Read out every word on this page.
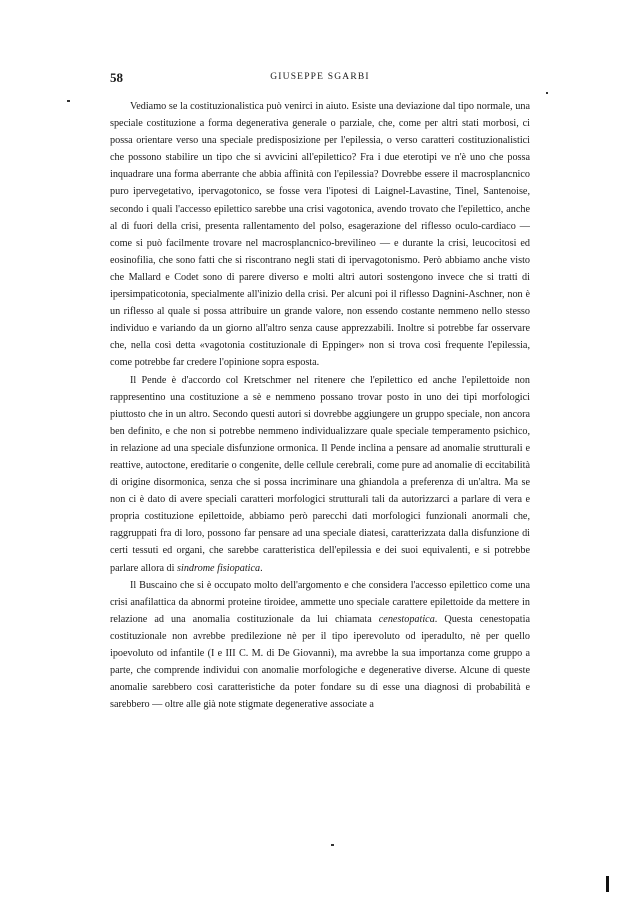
58	GIUSEPPE SGARBI

Vediamo se la costituzionalistica può venirci in aiuto. Esiste una deviazione dal tipo normale, una speciale costituzione a forma degenerativa generale o parziale, che, come per altri stati morbosi, ci possa orientare verso una speciale predisposizione per l'epilessia, o verso caratteri costituzionalistici che possono stabilire un tipo che si avvicini all'epilettico? Fra i due eterotipi ve n'è uno che possa inquadrare una forma aberrante che abbia affinità con l'epilessia? Dovrebbe essere il macrosplancnico puro ipervegetativo, ipervagotonico, se fosse vera l'ipotesi di Laignel-Lavastine, Tinel, Santenoise, secondo i quali l'accesso epilettico sarebbe una crisi vagotonica, avendo trovato che l'epilettico, anche al di fuori della crisi, presenta rallentamento del polso, esagerazione del riflesso oculo-cardiaco — come si può facilmente trovare nel macrosplancnico-brevilineo — e durante la crisi, leucocitosi ed eosinofilia, che sono fatti che si riscontrano negli stati di ipervagotonismo. Però abbiamo anche visto che Mallard e Codet sono di parere diverso e molti altri autori sostengono invece che si tratti di ipersimpaticotonia, specialmente all'inizio della crisi. Per alcuni poi il riflesso Dagnini-Aschner, non è un riflesso al quale si possa attribuire un grande valore, non essendo costante nemmeno nello stesso individuo e variando da un giorno all'altro senza cause apprezzabili. Inoltre si potrebbe far osservare che, nella così detta «vagotonia costituzionale di Eppinger» non si trova così frequente l'epilessia, come potrebbe far credere l'opinione sopra esposta.

Il Pende è d'accordo col Kretschmer nel ritenere che l'epilettico ed anche l'epilettoide non rappresentino una costituzione a sè e nemmeno possano trovar posto in uno dei tipi morfologici piuttosto che in un altro. Secondo questi autori si dovrebbe aggiungere un gruppo speciale, non ancora ben definito, e che non si potrebbe nemmeno individualizzare quale speciale temperamento psichico, in relazione ad una speciale disfunzione ormonica. Il Pende inclina a pensare ad anomalie strutturali e reattive, autoctone, ereditarie o congenite, delle cellule cerebrali, come pure ad anomalie di eccitabilità di origine disormonica, senza che si possa incriminare una ghiandola a preferenza di un'altra. Ma se non ci è dato di avere speciali caratteri morfologici strutturali tali da autorizzarci a parlare di vera e propria costituzione epilettoide, abbiamo però parecchi dati morfologici funzionali anormali che, raggruppati fra di loro, possono far pensare ad una speciale diatesi, caratterizzata dalla disfunzione di certi tessuti ed organi, che sarebbe caratteristica dell'epilessia e dei suoi equivalenti, e si potrebbe parlare allora di sindrome fisiopatica.

Il Buscaino che si è occupato molto dell'argomento e che considera l'accesso epilettico come una crisi anafilattica da abnormi proteine tiroidee, ammette uno speciale carattere epilettoide da mettere in relazione ad una anomalia costituzionale da lui chiamata cenestopatica. Questa cenestopatia costituzionale non avrebbe predilezione nè per il tipo iperevoluto od iperadulto, nè per quello ipoevoluto od infantile (I e III C. M. di De Giovanni), ma avrebbe la sua importanza come gruppo a parte, che comprende individui con anomalie morfologiche e degenerative diverse. Alcune di queste anomalie sarebbero così caratteristiche da poter fondare su di esse una diagnosi di probabilità e sarebbero — oltre alle già note stigmate degenerative associate a
